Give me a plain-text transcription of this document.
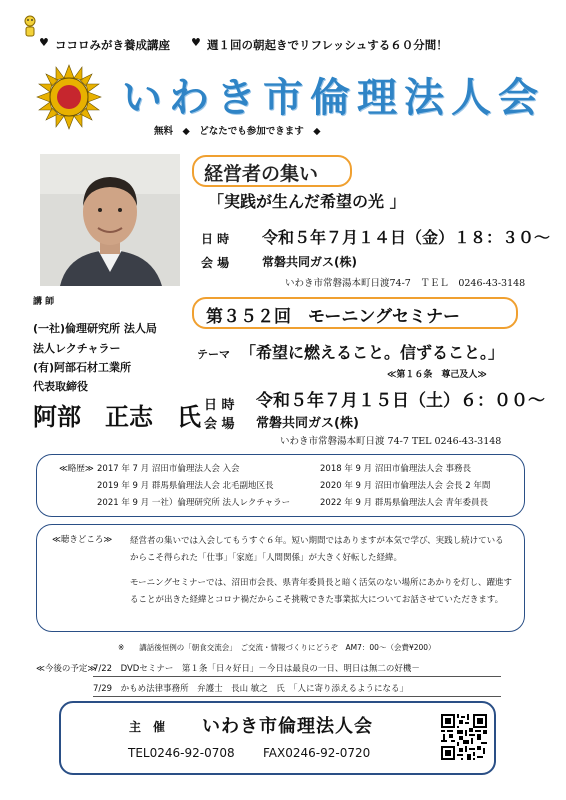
♥ ココロみがき養成講座 ♥ 週１回の朝起きでリフレッシュする６０分間！
いわき市倫理法人会
無料　◆　どなたでも参加できます　◆
講 師
(一社)倫理研究所 法人局
法人レクチャラー
(有)阿部石材工業所
代表取締役
阿部　正志　氏
経営者の集い
「実践が生んだ希望の光 」
日 時 令和５年７月１４日（金）１８：３０〜
会 場	常磐共同ガス(株)
いわき市常磐湯本町日渡74-7　ＴＥＬ　0246-43-3148
第３５２回　モーニングセミナー
テーマ 「希望に燃えること。信ずること。」
≪第１６条　尊己及人≫
日 時 令和５年７月１５日（土）６：００〜
会 場 常磐共同ガス(株)
いわき市常磐湯本町日渡 74-7 TEL 0246-43-3148
≪略歴≫ 2017 年 7 月 沼田市倫理法人会 入会
2019 年 9 月 群馬県倫理法人会 北毛副地区長
2021 年 9 月 一社）倫理研究所 法人レクチャラー
2018 年 9 月 沼田市倫理法人会 事務長
2020 年 9 月 沼田市倫理法人会 会長 2 年間
2022 年 9 月 群馬県倫理法人会 青年委員長
≪聴きどころ≫ 経営者の集いでは入会してもうすぐ６年。短い期間ではありますが本気で学び、実践し続けているからこそ得られた「仕事」「家庭」「人間関係」が大きく好転した経緯。
モーニングセミナーでは、沼田市会長、県青年委員長と暗く活気のない場所にあかりを灯し、躍進することが出きた経緯とコロナ禍だからこそ挑戦できた事業拡大についてお話させていただきます。
※　　講話後恒例の「朝食交流会」　ご交流・情報づくりにどうぞ　AM7：00〜（会費¥200）
≪今後の予定≫
7/22　DVDセミナー　第１条「日々好日」－今日は最良の一日、明日は無二の好機－
7/29　かもめ法律事務所　弁護士　長山 敏之　氏　「人に寄り添えるようになる」
主　催 いわき市倫理法人会
TEL0246-92-0708 FAX0246-92-0720
